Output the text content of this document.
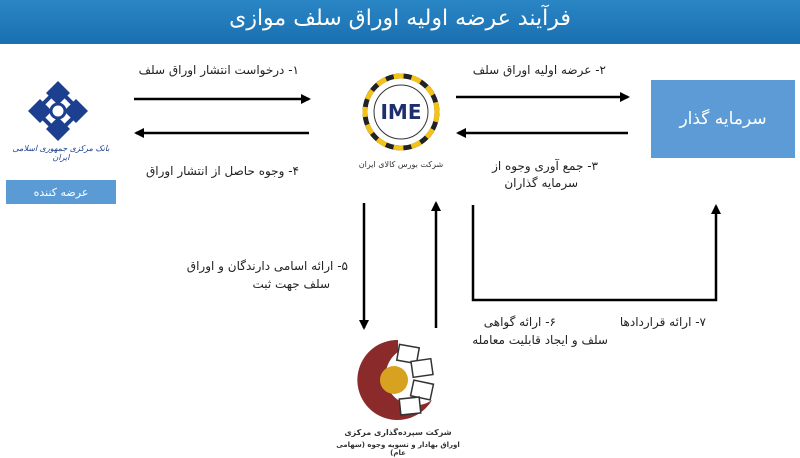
فرآیند عرضه اولیه اوراق سلف موازی
بانک مرکزی جمهوری اسلامی ایران
عرضه کننده
IME
شرکت بورس کالای ایران
سرمایه گذار
شرکت سپرده‌گذاری مرکزی
اوراق بهادار و تسویه وجوه (سهامی عام)
۱- درخواست انتشار اوراق سلف
۴- وجوه حاصل از انتشار اوراق
۲- عرضه اولیه اوراق سلف
۳- جمع آوری وجوه از
سرمایه گذاران
۵- ارائه اسامی دارندگان و اوراق
سلف جهت ثبت
۶- ارائه گواهی
سلف و ایجاد قابلیت معامله
۷- ارائه قراردادها
